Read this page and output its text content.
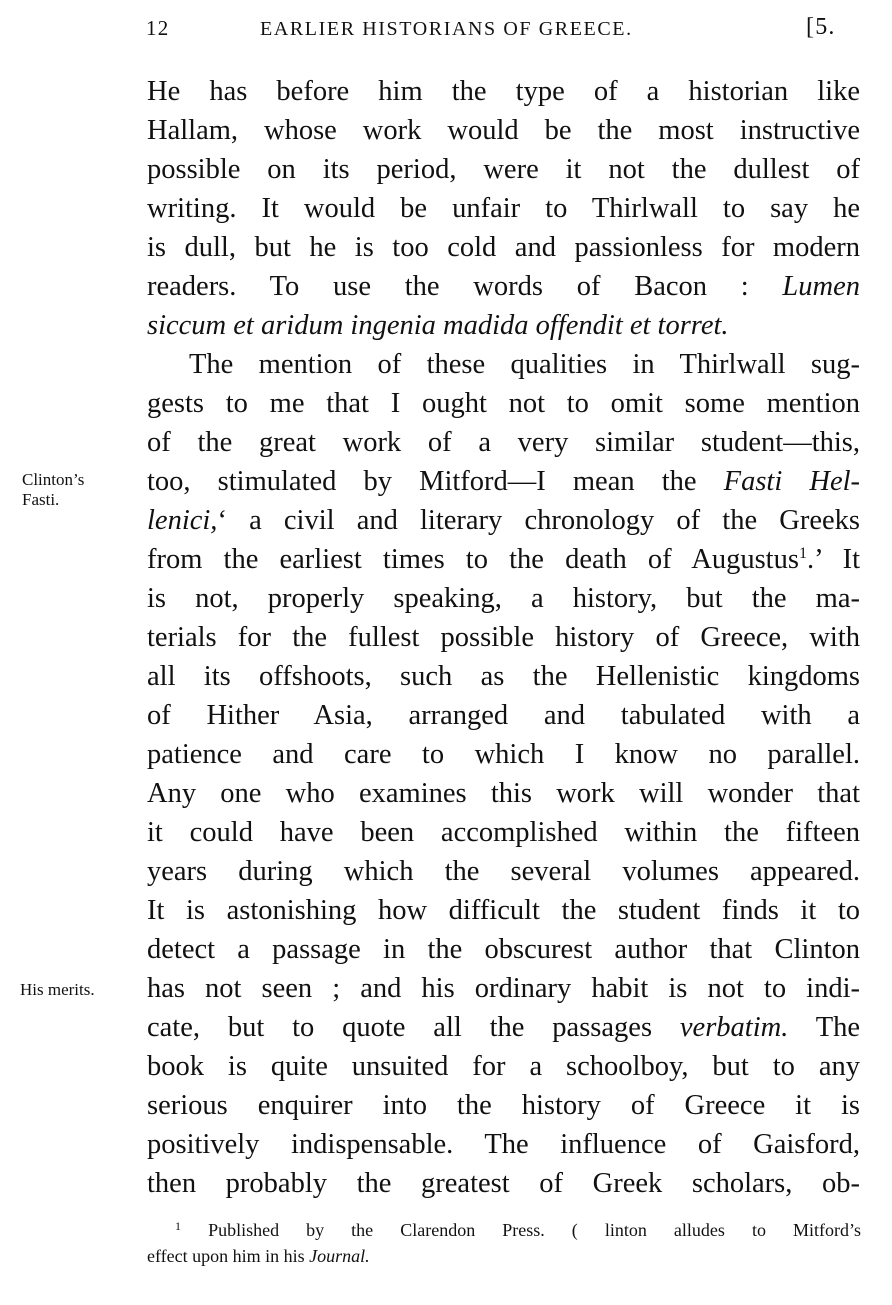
12	EARLIER HISTORIANS OF GREECE.	[5.
Clinton’s
Fasti.
His merits.
He has before him the type of a historian like
Hallam, whose work would be the most instructive
possible on its period, were it not the dullest of
writing. It would be unfair to Thirlwall to say he
is dull, but he is too cold and passionless for modern
readers. To use the words of Bacon : Lumen
siccum et aridum ingenia madida offendit et torret.
The mention of these qualities in Thirlwall sug-
gests to me that I ought not to omit some mention
of the great work of a very similar student—this,
too, stimulated by Mitford—I mean the Fasti Hel-
lenici,‘ a civil and literary chronology of the Greeks
from the earliest times to the death of Augustus$^1$.’ It
is not, properly speaking, a history, but the ma-
terials for the fullest possible history of Greece, with
all its offshoots, such as the Hellenistic kingdoms
of Hither Asia, arranged and tabulated with a
patience and care to which I know no parallel.
Any one who examines this work will wonder that
it could have been accomplished within the fifteen
years during which the several volumes appeared.
It is astonishing how difficult the student finds it to
detect a passage in the obscurest author that Clinton
has not seen ; and his ordinary habit is not to indi-
cate, but to quote all the passages verbatim. The
book is quite unsuited for a schoolboy, but to any
serious enquirer into the history of Greece it is
positively indispensable. The influence of Gaisford,
then probably the greatest of Greek scholars, ob-
$^1$ Published by the Clarendon Press. ( linton alludes to Mitford’s
effect upon him in his Journal.
